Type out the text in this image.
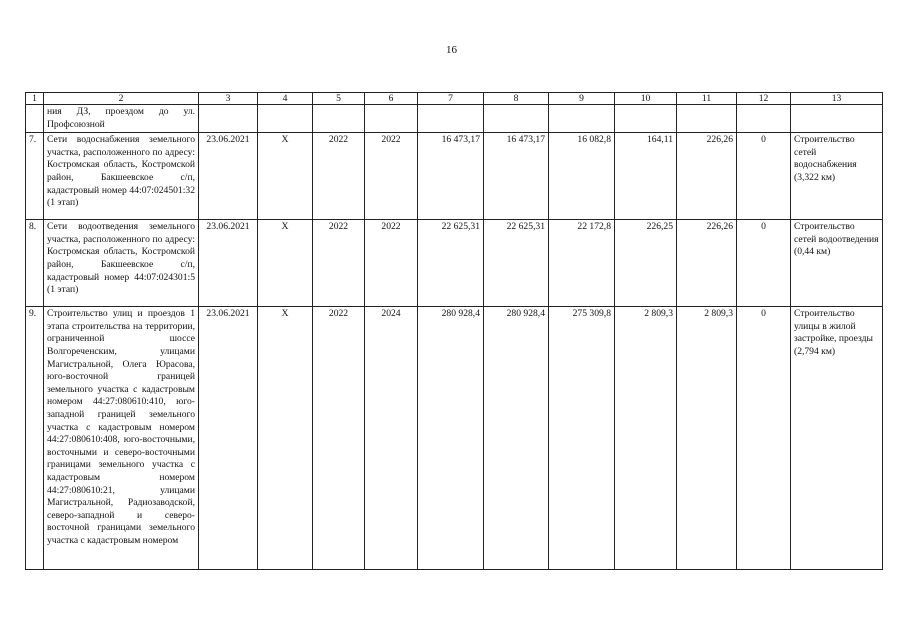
16
1	2	3	4	5	6	7	8	9	10	11	12	13
	ния ДЗ, проездом до ул. Профсоюзной											
7.	Сети водоснабжения земельного участка, расположенного по адресу: Костромская область, Костромской район, Бакшеевское с/п, кадастровый номер 44:07:024501:32 (1 этап)	23.06.2021	X	2022	2022	16 473,17	16 473,17	16 082,8	164,11	226,26	0	Строительство сетей водоснабжения (3,322 км)
8.	Сети водоотведения земельного участка, расположенного по адресу: Костромская область, Костромской район, Бакшеевское с/п, кадастровый номер 44:07:024301:5 (1 этап)	23.06.2021	X	2022	2022	22 625,31	22 625,31	22 172,8	226,25	226,26	0	Строительство сетей водоотведения (0,44 км)
9.	Строительство улиц и проездов 1 этапа строительства на территории, ограниченной шоссе Волгореченским, улицами Магистральной, Олега Юрасова, юго-восточной границей земельного участка с кадастровым номером 44:27:080610:410, юго-западной границей земельного участка с кадастровым номером 44:27:080610:408, юго-восточными, восточными и северо-восточными границами земельного участка с кадастровым номером 44:27:080610:21, улицами Магистральной, Радиозаводской, северо-западной и северо-восточной границами земельного участка с кадастровым номером	23.06.2021	X	2022	2024	280 928,4	280 928,4	275 309,8	2 809,3	2 809,3	0	Строительство улицы в жилой застройке, проезды (2,794 км)
